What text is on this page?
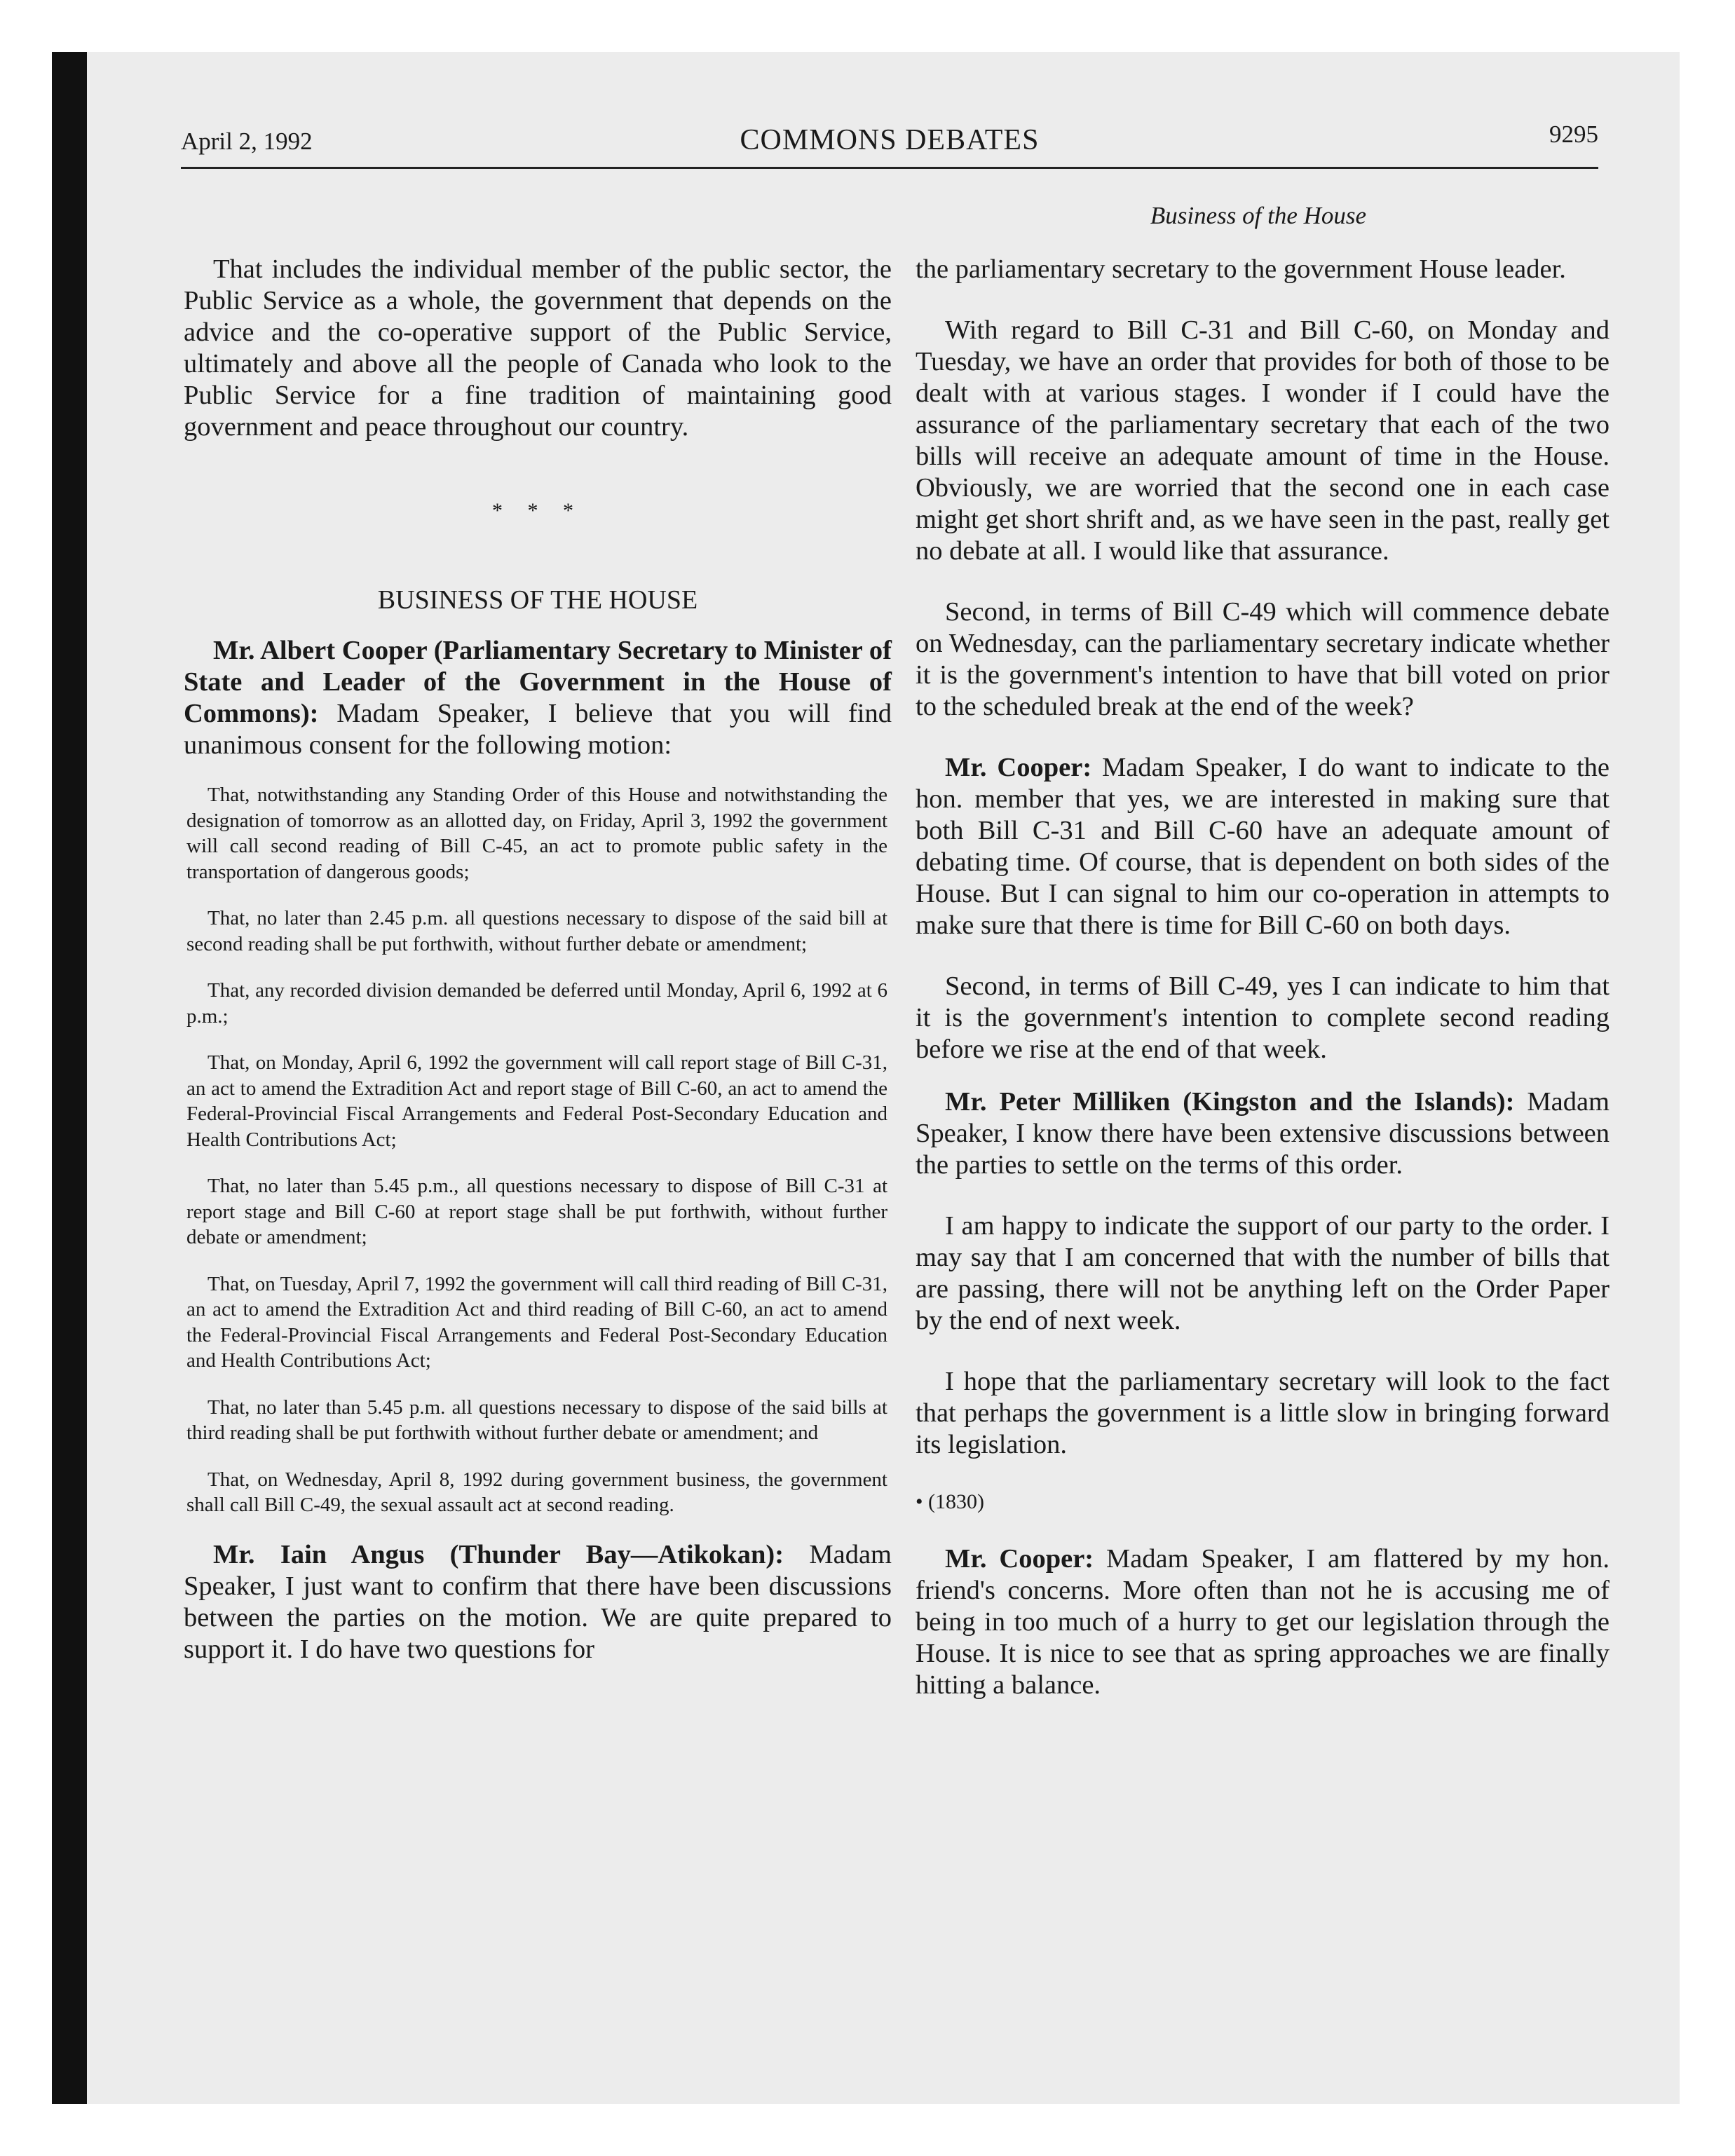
April 2, 1992	COMMONS DEBATES	9295
Business of the House

That includes the individual member of the public sector, the Public Service as a whole, the government that depends on the advice and the co-operative support of the Public Service, ultimately and above all the people of Canada who look to the Public Service for a fine tradition of maintaining good government and peace throughout our country.

* * *
BUSINESS OF THE HOUSE

Mr. Albert Cooper (Parliamentary Secretary to Minister of State and Leader of the Government in the House of Commons): Madam Speaker, I believe that you will find unanimous consent for the following motion:

That, notwithstanding any Standing Order of this House and notwithstanding the designation of tomorrow as an allotted day, on Friday, April 3, 1992 the government will call second reading of Bill C-45, an act to promote public safety in the transportation of dangerous goods;

That, no later than 2.45 p.m. all questions necessary to dispose of the said bill at second reading shall be put forthwith, without further debate or amendment;

That, any recorded division demanded be deferred until Monday, April 6, 1992 at 6 p.m.;

That, on Monday, April 6, 1992 the government will call report stage of Bill C-31, an act to amend the Extradition Act and report stage of Bill C-60, an act to amend the Federal-Provincial Fiscal Arrangements and Federal Post-Secondary Education and Health Contributions Act;

That, no later than 5.45 p.m., all questions necessary to dispose of Bill C-31 at report stage and Bill C-60 at report stage shall be put forthwith, without further debate or amendment;

That, on Tuesday, April 7, 1992 the government will call third reading of Bill C-31, an act to amend the Extradition Act and third reading of Bill C-60, an act to amend the Federal-Provincial Fiscal Arrangements and Federal Post-Secondary Education and Health Contributions Act;

That, no later than 5.45 p.m. all questions necessary to dispose of the said bills at third reading shall be put forthwith without further debate or amendment; and

That, on Wednesday, April 8, 1992 during government business, the government shall call Bill C-49, the sexual assault act at second reading.

Mr. Iain Angus (Thunder Bay—Atikokan): Madam Speaker, I just want to confirm that there have been discussions between the parties on the motion. We are quite prepared to support it. I do have two questions for

the parliamentary secretary to the government House leader.

With regard to Bill C-31 and Bill C-60, on Monday and Tuesday, we have an order that provides for both of those to be dealt with at various stages. I wonder if I could have the assurance of the parliamentary secretary that each of the two bills will receive an adequate amount of time in the House. Obviously, we are worried that the second one in each case might get short shrift and, as we have seen in the past, really get no debate at all. I would like that assurance.

Second, in terms of Bill C-49 which will commence debate on Wednesday, can the parliamentary secretary indicate whether it is the government's intention to have that bill voted on prior to the scheduled break at the end of the week?

Mr. Cooper: Madam Speaker, I do want to indicate to the hon. member that yes, we are interested in making sure that both Bill C-31 and Bill C-60 have an adequate amount of debating time. Of course, that is dependent on both sides of the House. But I can signal to him our co-operation in attempts to make sure that there is time for Bill C-60 on both days.

Second, in terms of Bill C-49, yes I can indicate to him that it is the government's intention to complete second reading before we rise at the end of that week.

Mr. Peter Milliken (Kingston and the Islands): Madam Speaker, I know there have been extensive discussions between the parties to settle on the terms of this order.

I am happy to indicate the support of our party to the order. I may say that I am concerned that with the number of bills that are passing, there will not be anything left on the Order Paper by the end of next week.

I hope that the parliamentary secretary will look to the fact that perhaps the government is a little slow in bringing forward its legislation.

• (1830)

Mr. Cooper: Madam Speaker, I am flattered by my hon. friend's concerns. More often than not he is accusing me of being in too much of a hurry to get our legislation through the House. It is nice to see that as spring approaches we are finally hitting a balance.
